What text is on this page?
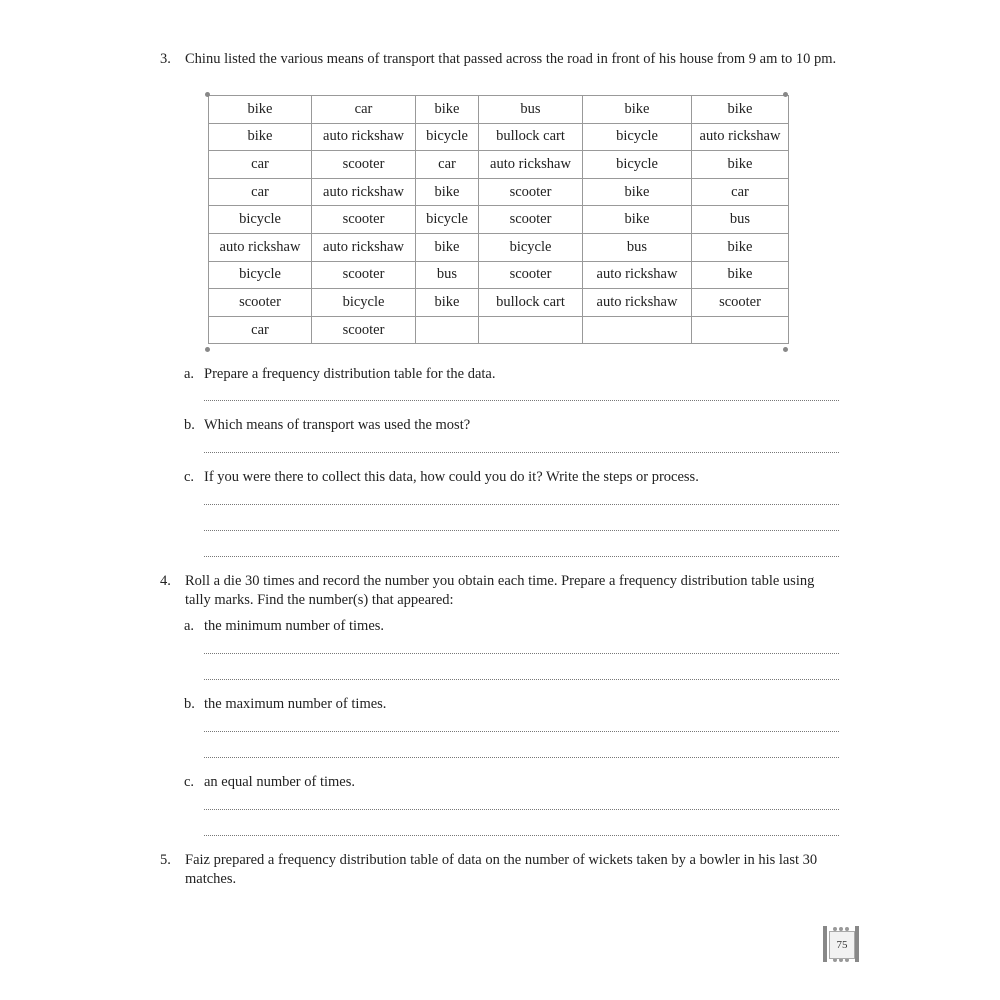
3. Chinu listed the various means of transport that passed across the road in front of his house from 9 am to 10 pm.
bike	car	bike	bus	bike	bike
bike	auto rickshaw	bicycle	bullock cart	bicycle	auto rickshaw
car	scooter	car	auto rickshaw	bicycle	bike
car	auto rickshaw	bike	scooter	bike	car
bicycle	scooter	bicycle	scooter	bike	bus
auto rickshaw	auto rickshaw	bike	bicycle	bus	bike
bicycle	scooter	bus	scooter	auto rickshaw	bike
scooter	bicycle	bike	bullock cart	auto rickshaw	scooter
car	scooter				
a. Prepare a frequency distribution table for the data.
b. Which means of transport was used the most?
c. If you were there to collect this data, how could you do it? Write the steps or process.
4. Roll a die 30 times and record the number you obtain each time. Prepare a frequency distribution table using tally marks. Find the number(s) that appeared:
a. the minimum number of times.
b. the maximum number of times.
c. an equal number of times.
5. Faiz prepared a frequency distribution table of data on the number of wickets taken by a bowler in his last 30 matches.
75
